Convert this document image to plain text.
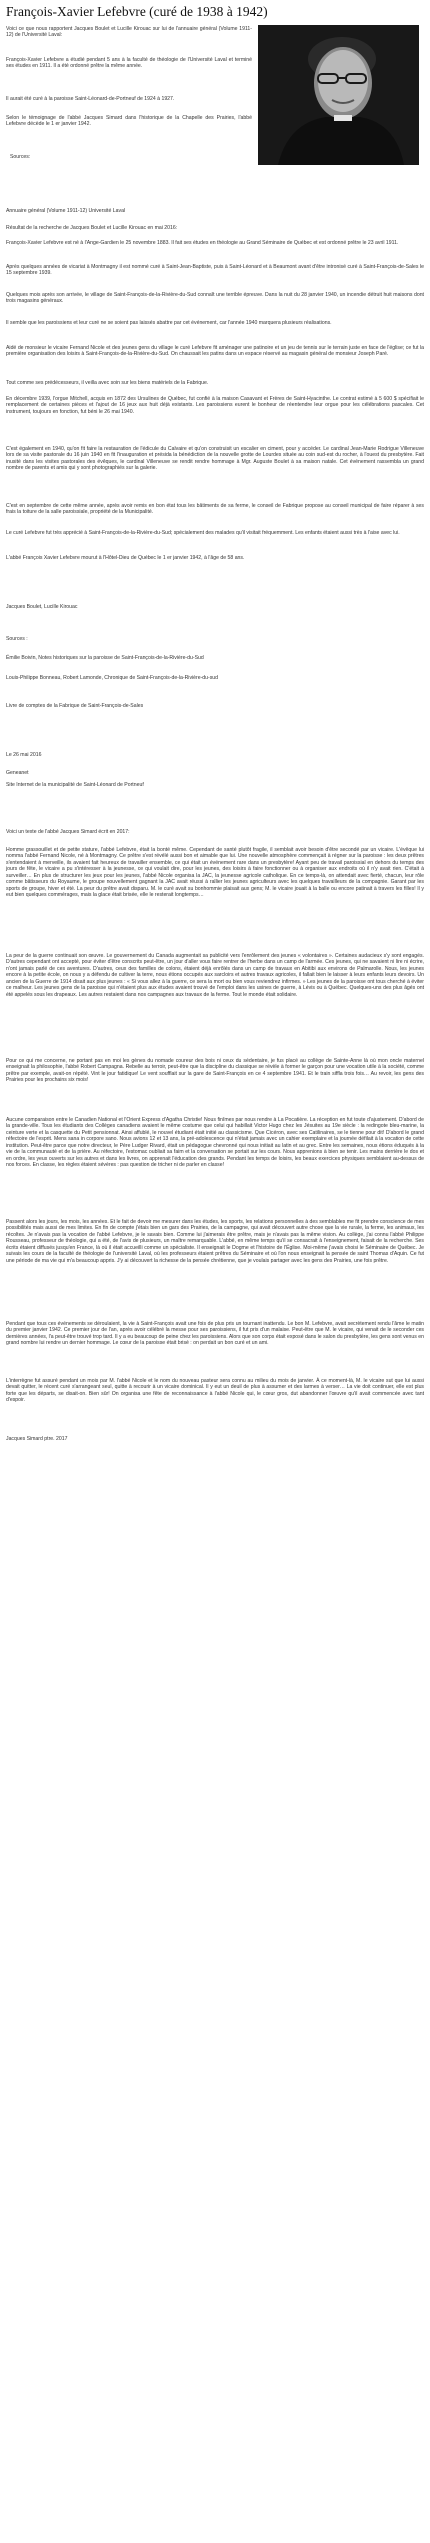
François-Xavier Lefebvre (curé de 1938 à 1942)
Voici ce que nous rapportent Jacques Boulet et Lucille Kirouac sur lui de l'annuaire général (Volume 1911-12) de l'Université Laval:
François-Xavier Lefebvre a étudié pendant 5 ans à la faculté de théologie de l'Université Laval et terminé ses études en 1911. Il a été ordonné prêtre la même année.
Il aurait été curé à la paroisse Saint-Léonard-de-Portneuf de 1924 à 1927.
Selon le témoignage de l'abbé Jacques Simard dans l'historique de la Chapelle des Prairies, l'abbé Lefebvre décède le 1 er janvier 1942.
Sources:
Annuaire général (Volume 1911-12) Université Laval
Résultat de la recherche de Jacques Boulet et Lucille Kirouac en mai 2016:
François-Xavier Lefebvre est né à l'Ange-Gardien le 25 novembre 1883. Il fait ses études en théologie au Grand Séminaire de Québec et est ordonné prêtre le 23 avril 1911.
Après quelques années de vicariat à Montmagny il est nommé curé à Saint-Jean-Baptiste, puis à Saint-Léonard et à Beaumont avant d'être intronisé curé à Saint-François-de-Sales le 15 septembre 1939.
Quelques mois après son arrivée, le village de Saint-François-de-la-Rivière-du-Sud connaît une terrible épreuve. Dans la nuit du 28 janvier 1940, un incendie détruit huit maisons dont trois magasins généraux.
Il semble que les paroissiens et leur curé ne se soient pas laissés abattre par cet événement, car l'année 1940 marquera plusieurs réalisations.
Aidé de monsieur le vicaire Fernand Nicole et des jeunes gens du village le curé Lefebvre fit aménager une patinoire et un jeu de tennis sur le terrain juste en face de l'église; ce fut la première organisation des loisirs à Saint-François-de-la-Rivière-du-Sud. On chaussait les patins dans un espace réservé au magasin général de monsieur Joseph Paré.
Tout comme ses prédécesseurs, il veilla avec soin sur les biens matériels de la Fabrique.
En décembre 1939, l'orgue Mitchell, acquis en 1872 des Ursulines de Québec, fut confié à la maison Casavant et Frères de Saint-Hyacinthe. Le contrat estimé à 5 600 $ spécifiait le remplacement de certaines pièces et l'ajout de 16 jeux aux huit déjà existants. Les paroissiens eurent le bonheur de réentendre leur orgue pour les célébrations pascales. Cet instrument, toujours en fonction, fut béni le 26 mai 1940.
C'est également en 1940, qu'on fit faire la restauration de l'édicule du Calvaire et qu'on construisit un escalier en ciment, pour y accéder. Le cardinal Jean-Marie Rodrigue Villeneuve lors de sa visite pastorale du 16 juin 1940 en fit l'inauguration et présida la bénédiction de la nouvelle grotte de Lourdes située au coin sud-est du rocher, à l'ouest du presbytère. Fait inusité dans les visites pastorales des évêques, le cardinal Villeneuve se rendit rendre hommage à Mgr. Auguste Boulet à sa maison natale. Cet événement rassembla un grand nombre de parents et amis qui y sont photographiés sur la galerie.
C'est en septembre de cette même année, après avoir remis en bon état tous les bâtiments de sa ferme, le conseil de Fabrique propose au conseil municipal de faire réparer à ses frais la toiture de la salle paroissiale, propriété de la Municipalité.
Le curé Lefebvre fut très apprécié à Saint-François-de-la-Rivière-du-Sud; spécialement des malades qu'il visitait fréquemment. Les enfants étaient aussi très à l'aise avec lui.
L'abbé François Xavier Lefebvre mourut à l'Hôtel-Dieu de Québec le 1 er janvier 1942, à l'âge de 58 ans.
Jacques Boulet, Lucille Kirouac
Sources :
Émilie Boivin, Notes historiques sur la paroisse de Saint-François-de-la-Rivière-du-Sud
Louis-Philippe Bonneau, Robert Lamonde, Chronique de Saint-François-de-la-Rivière-du-sud
Livre de comptes de la Fabrique de Saint-François-de-Sales
Le 26 mai 2016
Geneanet
Site Internet de la municipalité de Saint-Léonard de Portneuf
Voici un texte de l'abbé Jacques Simard écrit en 2017:
Homme grassouillet et de petite stature, l'abbé Lefebvre, était la bonté même. Cependant de santé plutôt fragile, il semblait avoir besoin d'être secondé par un vicaire. L'évêque lui nomma l'abbé Fernand Nicole, né à Montmagny. Ce prêtre s'est révélé aussi bon et aimable que lui. Une nouvelle atmosphère commençait à régner sur la paroisse : les deux prêtres s'entendaient à merveille, ils avaient fait heureux de travailler ensemble, ce qui était un événement rare dans un presbytère! Ayant peu de travail paroissial en dehors du temps des jours de fête, le vicaire a pu s'intéresser à la jeunesse, ce qui voulait dire, pour les jeunes, des loisirs à faire fonctionner ou à organiser aux endroits où il n'y avait rien. C'était à surveiller… En plus de structurer les jeux pour les jeunes, l'abbé Nicole organisa la JAC, la jeunesse agricole catholique. En ce temps-là, on attendait avec fierté, chacun, leur rôle comme bâtisseurs du Royaume, le groupe nouvellement gagnant la JAC avait réussi à rallier les jeunes agriculteurs avec les quelques travailleurs de la compagnie. Garant par les sports de groupe, hiver et été. La peur du prêtre avait disparu. M. le curé avait su bonhommie plaisait aux gens; M. le vicaire jouait à la balle ou encore patinait à travers les filles! Il y eut bien quelques commérages, mais la glace était brisée, elle le resterait longtemps…
La peur de la guerre continuait son œuvre. Le gouvernement du Canada augmentait sa publicité vers l'enrôlement des jeunes « volontaires ». Certaines audacieux s'y sont engagés. D'autres cependant ont accepté, pour éviter d'être conscrits peut-être, un jour d'aller vous faire rentrer de l'herbe dans un camp de l'armée. Ces jeunes, qui ne savaient ni lire ni écrire, n'ont jamais parlé de ces aventures. D'autres, ceux des familles de colons, étaient déjà enrôlés dans un camp de travaux en Abitibi aux environs de Palmarolle. Nous, les jeunes encore à la petite école, on nous y a défendu de cultiver la terre, nous étions occupés aux sarcloirs et autres travaux agricoles, il fallait bien le laisser à leurs enfants leurs devoirs. Un ancien de la Guerre de 1914 disait aux plus jeunes : « Si vous allez à la guerre, ce sera la mort ou bien vous reviendrez infirmes. » Les jeunes de la paroisse ont tous cherché à éviter ce malheur. Les jeunes gens de la paroisse qui n'étaient plus aux études avaient trouvé de l'emploi dans les usines de guerre, à Lévis ou à Québec. Quelques-uns des plus âgés ont été appelés sous les drapeaux. Les autres restaient dans nos campagnes aux travaux de la ferme. Tout le monde était solidaire.
Pour ce qui me concerne, ne portant pas en moi les gènes du nomade coureur des bois ni ceux du sédentaire, je fus placé au collège de Sainte-Anne là où mon oncle maternel enseignait la philosophie, l'abbé Robert Campagna. Rebelle au terroir, peut-être que la discipline du classique se révèle à former le garçon pour une vocation utile à la société, comme prêtre par exemple, avait-on répété. Vint le jour fatidique! Le vent soufflait sur la gare de Saint-François en ce 4 septembre 1941. Et le train siffla trois fois… Au revoir, les gens des Prairies pour les prochains six mois!
Aucune comparaison entre le Canadien National et l'Orient Express d'Agatha Christie! Nous finîmes par nous rendre à La Pocatière. La réception en fut toute d'ajustement. D'abord de la grande-ville. Tous les étudiants des Collèges canadiens avaient le même costume que celui qui habillait Victor Hugo chez les Jésuites au 19e siècle : la redingote bleu-marine, la ceinture verte et la casquette du Petit pensionnat. Ainsi affublé, le nouvel étudiant était initié au classicisme. Que Cicéron, avec ses Catilinaires, se le tienne pour dit! D'abord le grand réfectoire de l'esprit. Mens sana in corpore sano. Nous avions 12 et 13 ans, la pré-adolescence qui n'était jamais avec un cahier exemplaire et la journée défilait à la vocation de cette institution. Peut-être parce que notre directeur, le Père Ludger Rivard, était un pédagogue chevronné qui nous initiait au latin et au grec. Entre les semaines, nous étions éduqués à la vie de la communauté et de la prière. Au réfectoire, l'estomac oubliait sa faim et la conversation se portait sur les cours. Nous apprenions à bien se tenir. Les mains derrière le dos et en ordre, les yeux ouverts sur les autres et dans les livres, on apprenait l'éducation des grands. Pendant les temps de loisirs, les beaux exercices physiques semblaient au-dessus de nos forces. En classe, les règles étaient sévères : pas question de tricher ni de parler en classe!
Passent alors les jours, les mois, les années. Et le fait de devoir me mesurer dans les études, les sports, les relations personnelles à des semblables me fit prendre conscience de mes possibilités mais aussi de mes limites. En fin de compte j'étais bien un gars des Prairies, de la campagne, qui avait découvert autre chose que la vie rurale, la ferme, les animaux, les récoltes. Je n'avais pas la vocation de l'abbé Lefebvre, je le savais bien. Comme lui j'aimerais être prêtre, mais je n'avais pas la même vision. Au collège, j'ai connu l'abbé Philippe Rousseau, professeur de théologie, qui a été, de l'avis de plusieurs, un maître remarquable. L'abbé, en même temps qu'il se consacrait à l'enseignement, faisait de la recherche. Ses écrits étaient diffusés jusqu'en France, là où il était accueilli comme un spécialiste. Il enseignait le Dogme et l'histoire de l'Église. Moi-même j'avais choisi le Séminaire de Québec. Je suivais les cours de la faculté de théologie de l'université Laval, où les professeurs étaient prêtres du Séminaire et où l'on nous enseignait la pensée de saint Thomas d'Aquin. Ce fut une période de ma vie qui m'a beaucoup appris. J'y ai découvert la richesse de la pensée chrétienne, que je voulais partager avec les gens des Prairies, une fois prêtre.
Pendant que tous ces événements se déroulaient, la vie à Saint-François avait une fois de plus pris un tournant inattendu. Le bon M. Lefebvre, avait secrètement rendu l'âme le matin du premier janvier 1942. Ce premier jour de l'an, après avoir célébré la messe pour ses paroissiens, il fut pris d'un malaise. Peut-être que M. le vicaire, qui venait de le seconder ces dernières années, l'a peut-être trouvé trop tard. Il y a eu beaucoup de peine chez les paroissiens. Alors que son corps était exposé dans le salon du presbytère, les gens sont venus en grand nombre lui rendre un dernier hommage. Le cœur de la paroisse était brisé : on perdait un bon curé et un ami.
L'interrègne fut assuré pendant un mois par M. l'abbé Nicole et le nom du nouveau pasteur sera connu au milieu du mois de janvier. À ce moment-là, M. le vicaire sut que lui aussi devait quitter, le récent curé s'arrangeant seul, quitte à recourir à un vicaire dominical. Il y eut un deuil de plus à assumer et des larmes à verser… La vie doit continuer, elle est plus forte que les départs, se disait-on. Bien sûr! On organisa une fête de reconnaissance à l'abbé Nicole qui, le cœur gros, dut abandonner l'œuvre qu'il avait commencée avec tant d'espoir.
Jacques Simard ptre. 2017
